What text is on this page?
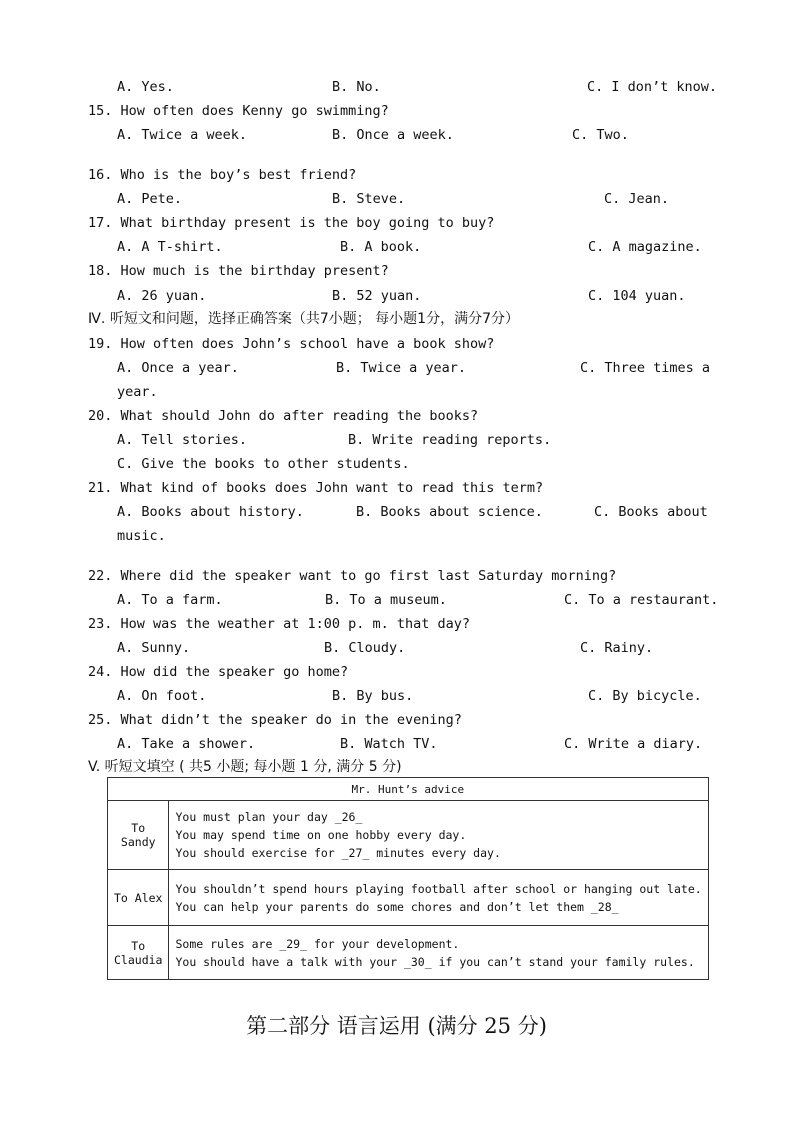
A. Yes.	B. No.	C. I don’t know.
15. How often does Kenny go swimming?
A. Twice a week.	B. Once a week.	C. Two.
16. Who is the boy’s best friend?
A. Pete.	B. Steve.	C. Jean.
17. What birthday present is the boy going to buy?
A. A T-shirt.	B. A book.	C. A magazine.
18. How much is the birthday present?
A. 26 yuan.	B. 52 yuan.	C. 104 yuan.
Ⅳ. 听短文和问题，选择正确答案（共7小题； 每小题1分，满分7分）
19. How often does John’s school have a book show?
A. Once a year.	B. Twice a year.	C. Three times a
year.
20. What should John do after reading the books?
A. Tell stories.	B. Write reading reports.
C. Give the books to other students.
21. What kind of books does John want to read this term?
A. Books about history.	B. Books about science.	C. Books about
music.
22. Where did the speaker want to go first last Saturday morning?
A. To a farm.	B. To a museum.	C. To a restaurant.
23. How was the weather at 1:00 p. m. that day?
A. Sunny.	B. Cloudy.	C. Rainy.
24. How did the speaker go home?
A. On foot.	B. By bus.	C. By bicycle.
25. What didn’t the speaker do in the evening?
A. Take a shower.	B. Watch TV.	C. Write a diary.
V. 听短文填空 ( 共5 小题; 每小题 1 分, 满分 5 分)
Mr. Hunt’s advice	
To Sandy	You must plan your day _26_
You may spend time on one hobby every day.
You should exercise for _27_ minutes every day.

To Alex	You shouldn’t spend hours playing football after school or hanging out late.
You can help your parents do some chores and don’t let them _28_

To Claudia	Some rules are _29_ for your development.
You should have a talk with your _30_ if you can’t stand your family rules.
第二部分 语言运用 (满分 25 分)
